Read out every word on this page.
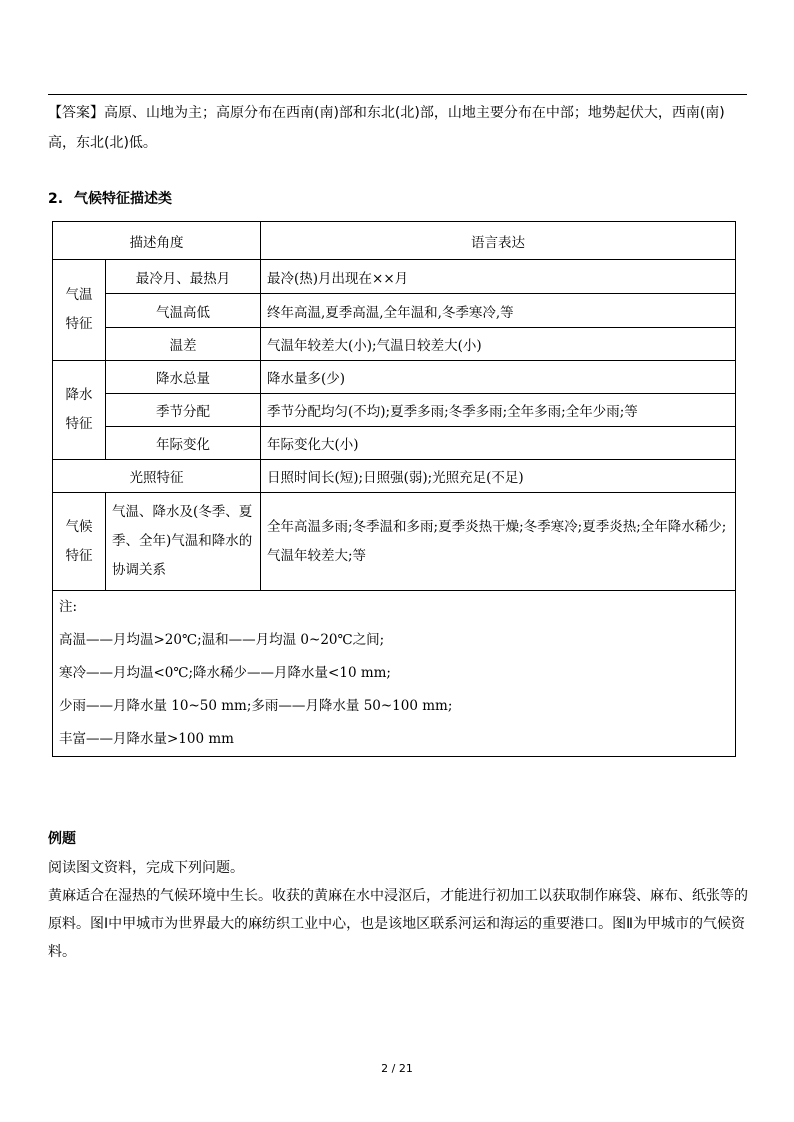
【答案】高原、山地为主；高原分布在西南(南)部和东北(北)部，山地主要分布在中部；地势起伏大，西南(南)高，东北(北)低。
2. 气候特征描述类
描述角度		语言表达

气温特征	最冷月、最热月	最冷(热)月出现在××月
	气温高低	终年高温,夏季高温,全年温和,冬季寒冷,等
	温差	气温年较差大(小);气温日较差大(小)

降水特征	降水总量	降水量多(少)
	季节分配	季节分配均匀(不均);夏季多雨;冬季多雨;全年多雨;全年少雨;等
	年际变化	年际变化大(小)
光照特征		日照时间长(短);日照强(弱);光照充足(不足)

气候特征	气温、降水及(冬季、夏季、全年)气温和降水的协调关系	全年高温多雨;冬季温和多雨;夏季炎热干燥;冬季寒冷;夏季炎热;全年降水稀少;气温年较差大;等

注:
高温——月均温>20℃;温和——月均温 0~20℃之间;
寒冷——月均温<0℃;降水稀少——月降水量<10 mm;
少雨——月降水量 10~50 mm;多雨——月降水量 50~100 mm;
丰富——月降水量>100 mm		
例题

阅读图文资料，完成下列问题。

黄麻适合在湿热的气候环境中生长。收获的黄麻在水中浸沤后，才能进行初加工以获取制作麻袋、麻布、纸张等的原料。图Ⅰ中甲城市为世界最大的麻纺织工业中心，也是该地区联系河运和海运的重要港口。图Ⅱ为甲城市的气候资料。

2 / 21
